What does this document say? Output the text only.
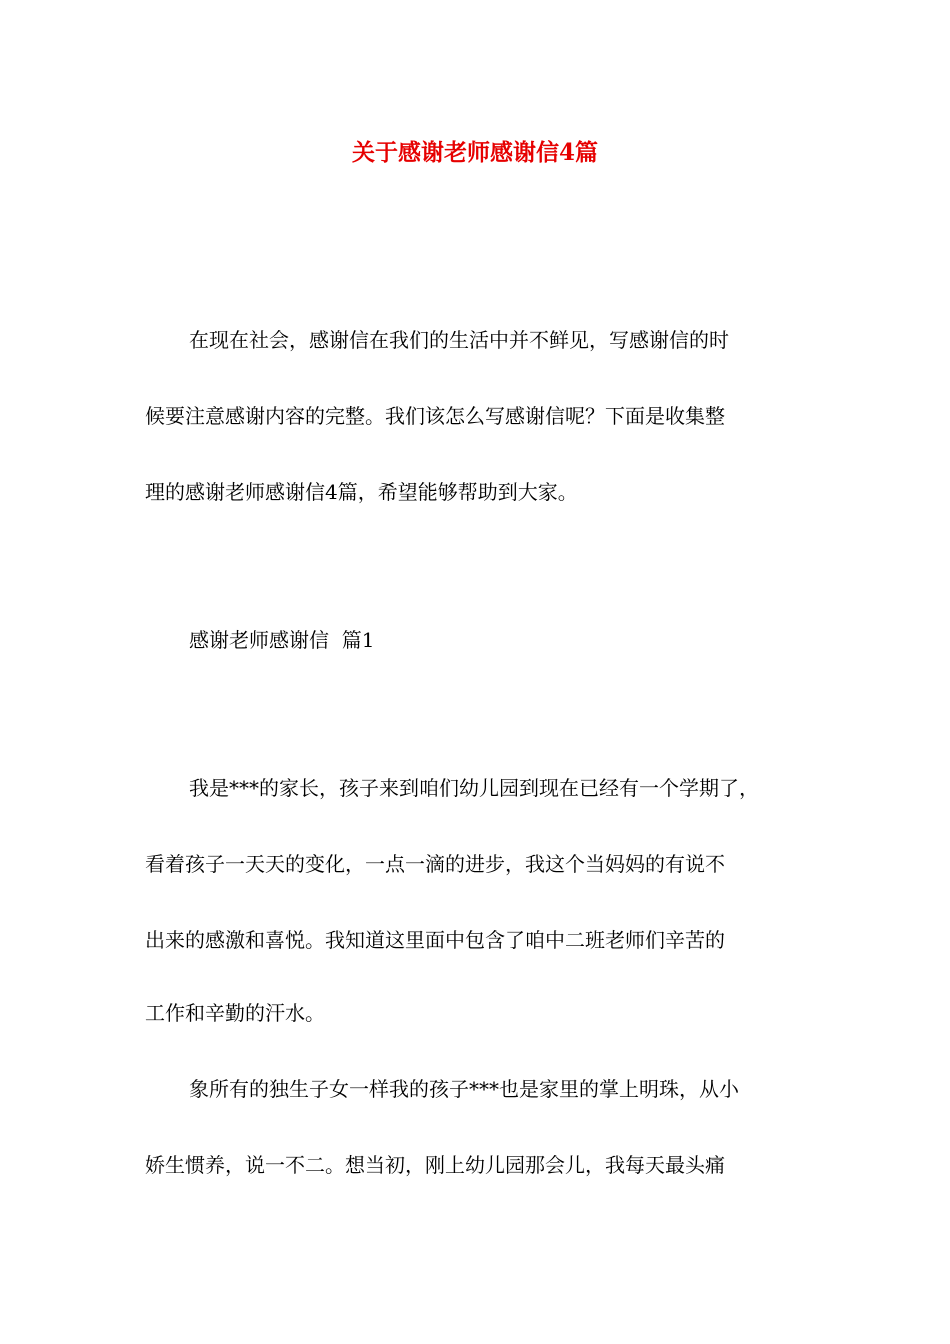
关于感谢老师感谢信4篇
在现在社会，感谢信在我们的生活中并不鲜见，写感谢信的时
候要注意感谢内容的完整。我们该怎么写感谢信呢？下面是收集整
理的感谢老师感谢信4篇，希望能够帮助到大家。
感谢老师感谢信  篇1
我是***的家长，孩子来到咱们幼儿园到现在已经有一个学期了，
看着孩子一天天的变化，一点一滴的进步，我这个当妈妈的有说不
出来的感激和喜悦。我知道这里面中包含了咱中二班老师们辛苦的
工作和辛勤的汗水。
象所有的独生子女一样我的孩子***也是家里的掌上明珠，从小
娇生惯养，说一不二。想当初，刚上幼儿园那会儿，我每天最头痛
